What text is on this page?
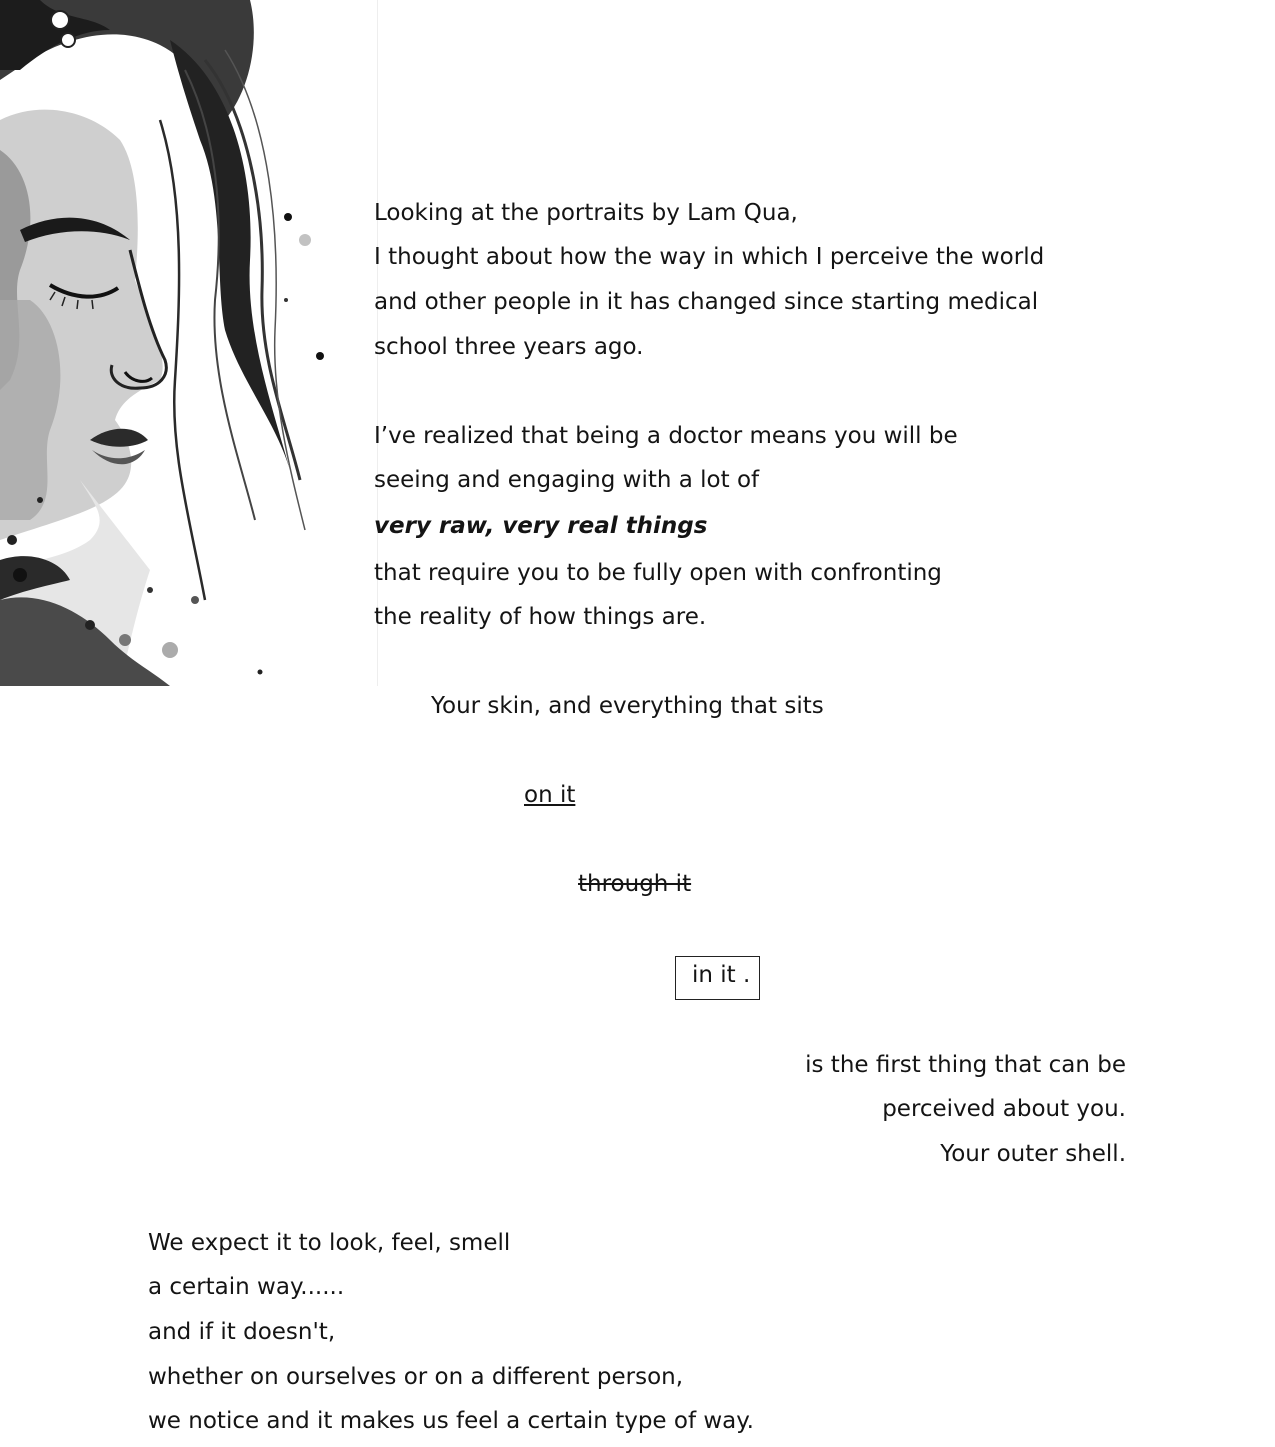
Looking at the portraits by Lam Qua,
I thought about how the way in which I perceive the world
and other people in it has changed since starting medical
school three years ago.
I’ve realized that being a doctor means you will be
seeing and engaging with a lot of
very raw, very real things
that require you to be fully open with confronting
the reality of how things are.
Your skin, and everything that sits
on it
through it
in it .
is the first thing that can be
perceived about you.
Your outer shell.
We expect it to look, feel, smell
a certain way......
and if it doesn't,
whether on ourselves or on a different person,
we notice and it makes us feel a certain type of way.
